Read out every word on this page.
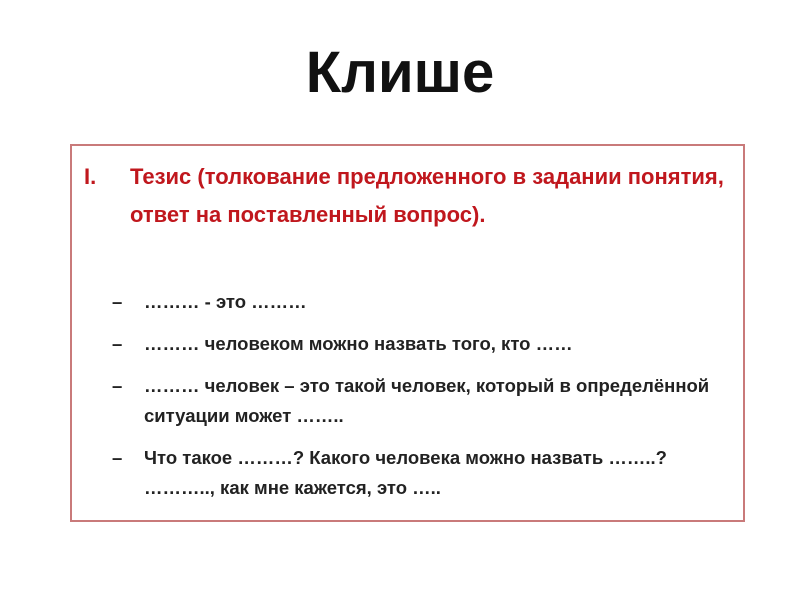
Клише
I. Тезис (толкование предложенного в задании понятия, ответ на поставленный вопрос).
– ……… - это ………
– ……… человеком можно назвать того, кто ……
– ……… человек – это такой человек, который в определённой ситуации может ……..
– Что такое ………? Какого человека можно назвать ……..? ……….., как мне кажется, это …..
